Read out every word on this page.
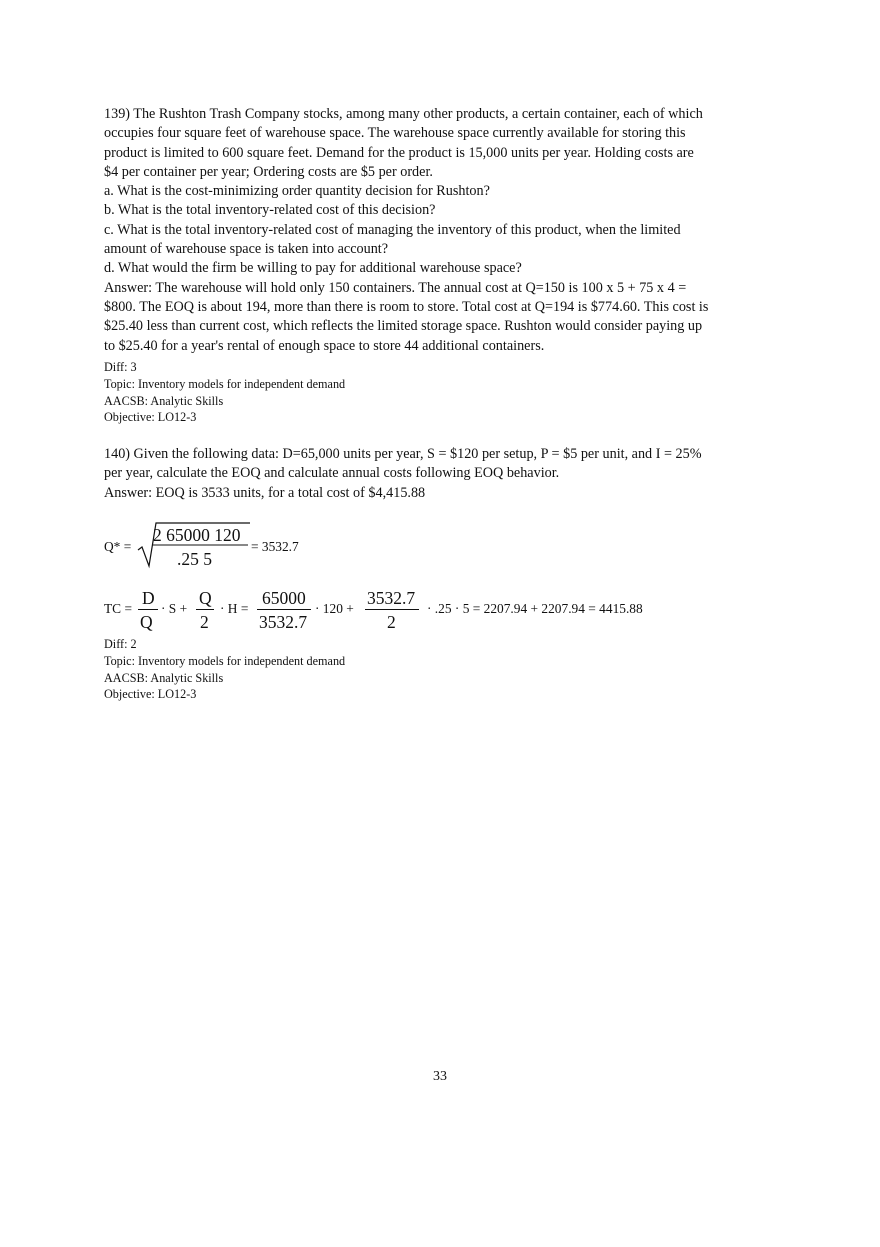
139) The Rushton Trash Company stocks, among many other products, a certain container, each of which

occupies four square feet of warehouse space. The warehouse space currently available for storing this

product is limited to 600 square feet. Demand for the product is 15,000 units per year. Holding costs are

$4 per container per year; Ordering costs are $5 per order.

a. What is the cost-minimizing order quantity decision for Rushton?

b. What is the total inventory-related cost of this decision?

c. What is the total inventory-related cost of managing the inventory of this product, when the limited

amount of warehouse space is taken into account?

d. What would the firm be willing to pay for additional warehouse space?

Answer: The warehouse will hold only 150 containers. The annual cost at Q=150 is 100 x 5 + 75 x 4 =

$800. The EOQ is about 194, more than there is room to store. Total cost at Q=194 is $774.60. This cost is

$25.40 less than current cost, which reflects the limited storage space. Rushton would consider paying up

to $25.40 for a year's rental of enough space to store 44 additional containers.

Diff: 3

Topic: Inventory models for independent demand

AACSB: Analytic Skills

Objective: LO12-3

140) Given the following data: D=65,000 units per year, S = $120 per setup, P = $5 per unit, and I = 25%

per year, calculate the EOQ and calculate annual costs following EOQ behavior.

Answer: EOQ is 3533 units, for a total cost of $4,415.88

Q* =
2 65000 120
.25 5
= 3532.7
TC =
D
Q
· S +
Q
2
· H =
65000
3532.7
· 120 +
3532.7
2
· .25 · 5 = 2207.94 + 2207.94 = 4415.88

Diff: 2

Topic: Inventory models for independent demand

AACSB: Analytic Skills

Objective: LO12-3

33
